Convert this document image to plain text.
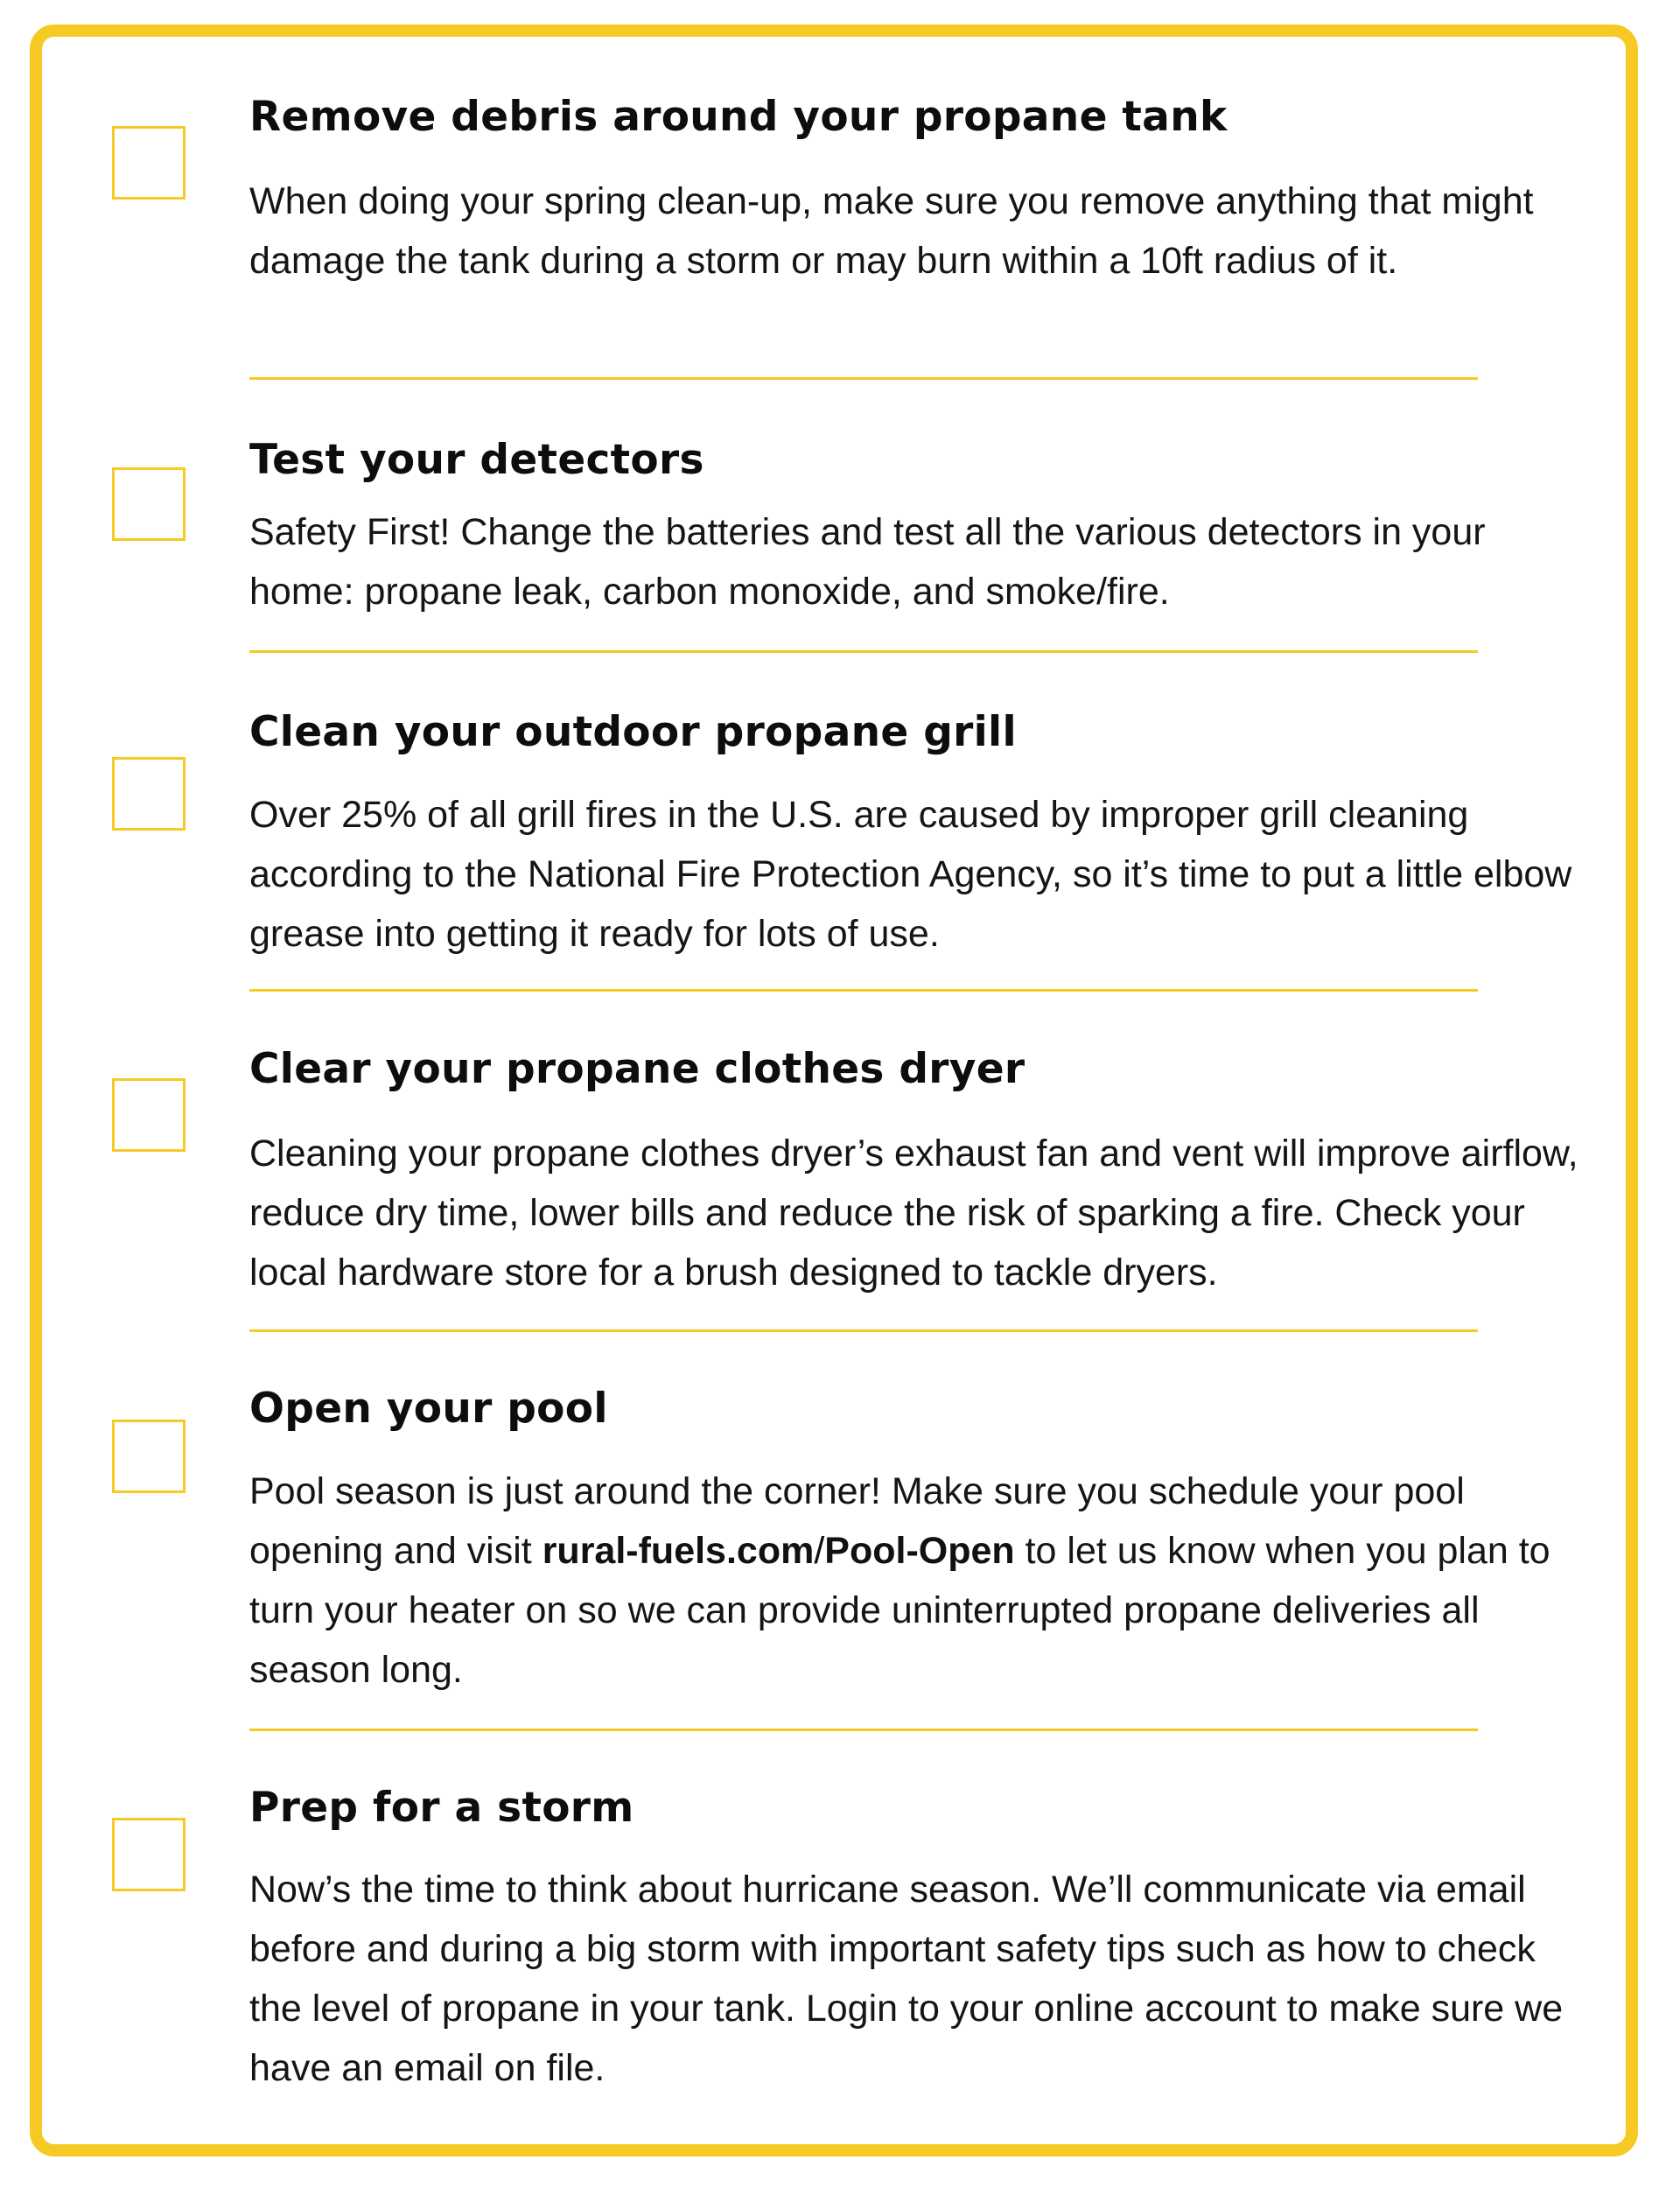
Remove debris around your propane tank

When doing your spring clean-up, make sure you remove anything that might damage the tank during a storm or may burn within a 10ft radius of it.

Test your detectors

Safety First! Change the batteries and test all the various detectors in your home: propane leak, carbon monoxide, and smoke/fire.

Clean your outdoor propane grill

Over 25% of all grill fires in the U.S. are caused by improper grill cleaning according to the National Fire Protection Agency, so it’s time to put a little elbow grease into getting it ready for lots of use.

Clear your propane clothes dryer

Cleaning your propane clothes dryer’s exhaust fan and vent will improve airflow, reduce dry time, lower bills and reduce the risk of sparking a fire. Check your local hardware store for a brush designed to tackle dryers.

Open your pool

Pool season is just around the corner! Make sure you schedule your pool opening and visit rural-fuels.com/Pool-Open to let us know when you plan to turn your heater on so we can provide uninterrupted propane deliveries all season long.

Prep for a storm

Now’s the time to think about hurricane season. We’ll communicate via email before and during a big storm with important safety tips such as how to check the level of propane in your tank. Login to your online account to make sure we have an email on file.
